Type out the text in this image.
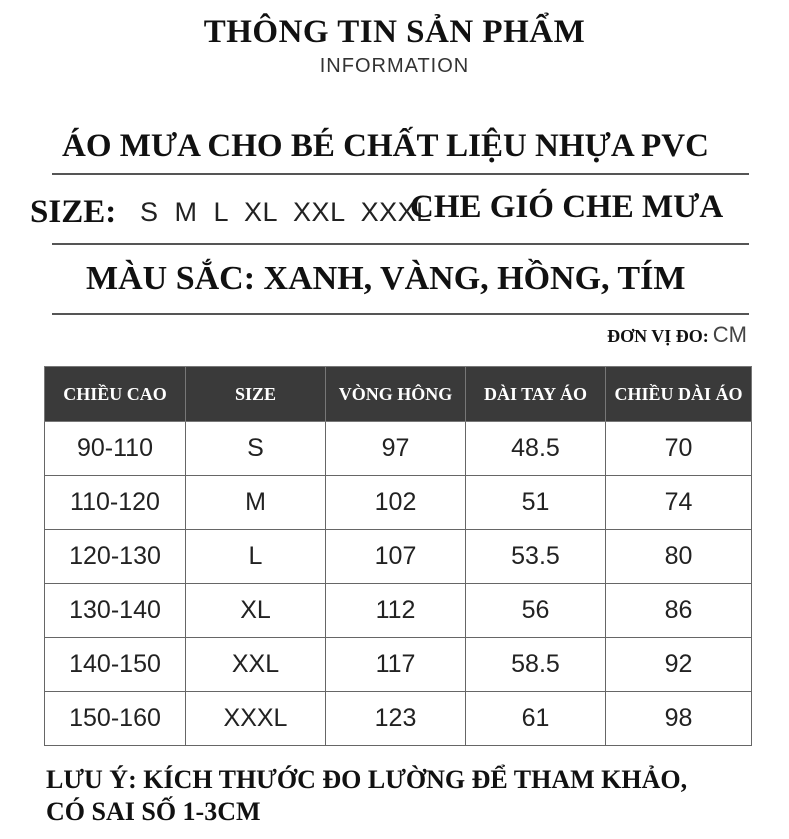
THÔNG TIN SẢN PHẨM
INFORMATION
ÁO MƯA CHO BÉ CHẤT LIỆU NHỰA PVC
SIZE: S  M  L  XL  XXL  XXXL
CHE GIÓ CHE MƯA
MÀU SẮC: XANH, VÀNG, HỒNG, TÍM
ĐƠN VỊ ĐO: CM
CHIỀU CAO	SIZE	VÒNG HÔNG	DÀI TAY ÁO	CHIỀU DÀI ÁO
90-110	S	97	48.5	70
110-120	M	102	51	74
120-130	L	107	53.5	80
130-140	XL	112	56	86
140-150	XXL	117	58.5	92
150-160	XXXL	123	61	98
LƯU Ý: KÍCH THƯỚC ĐO LƯỜNG ĐỂ THAM KHẢO,
CÓ SAI SỐ 1-3CM
